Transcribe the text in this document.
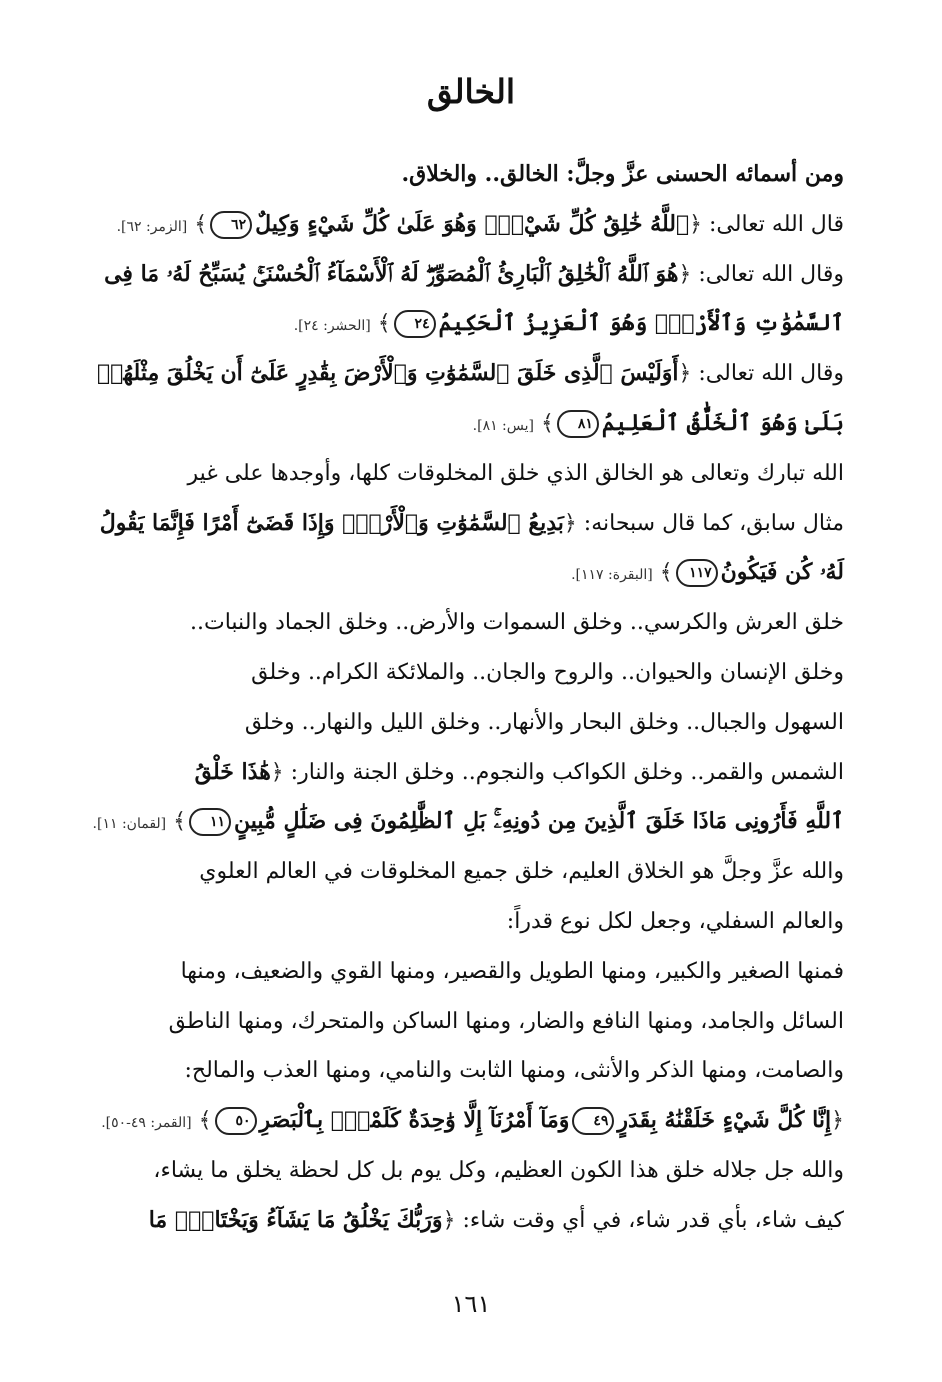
الخالق
ومن أسمائه الحسنى عزَّ وجلَّ: الخالق.. والخلاق.
قال الله تعالى: ﴿ٱللَّهُ خَٰلِقُ كُلِّ شَيْءٍۖ وَهُوَ عَلَىٰ كُلِّ شَيْءٍ وَكِيلٌ٦٢﴾ [الزمر: ٦٢].
وقال الله تعالى: ﴿هُوَ ٱللَّهُ ٱلْخَٰلِقُ ٱلْبَارِئُ ٱلْمُصَوِّرُۖ لَهُ ٱلْأَسْمَآءُ ٱلْحُسْنَىٰۚ يُسَبِّحُ لَهُۥ مَا فِى
ٱلسَّمَٰوَٰتِ وَٱلْأَرْضِۖ وَهُوَ ٱلْعَزِيزُ ٱلْحَكِيمُ٢٤﴾ [الحشر: ٢٤].
وقال الله تعالى: ﴿أَوَلَيْسَ ٱلَّذِى خَلَقَ ٱلسَّمَٰوَٰتِ وَٱلْأَرْضَ بِقَٰدِرٍ عَلَىٰٓ أَن يَخْلُقَ مِثْلَهُمۚ
بَلَىٰ وَهُوَ ٱلْخَلَّٰقُ ٱلْعَلِيمُ٨١﴾ [يس: ٨١].
الله تبارك وتعالى هو الخالق الذي خلق المخلوقات كلها، وأوجدها على غير
مثال سابق، كما قال سبحانه: ﴿بَدِيعُ ٱلسَّمَٰوَٰتِ وَٱلْأَرْضِۖ وَإِذَا قَضَىٰٓ أَمْرًا فَإِنَّمَا يَقُولُ
لَهُۥ كُن فَيَكُونُ١١٧﴾ [البقرة: ١١٧].
خلق العرش والكرسي.. وخلق السموات والأرض.. وخلق الجماد والنبات..
وخلق الإنسان والحيوان.. والروح والجان.. والملائكة الكرام.. وخلق
السهول والجبال.. وخلق البحار والأنهار.. وخلق الليل والنهار.. وخلق
الشمس والقمر.. وخلق الكواكب والنجوم.. وخلق الجنة والنار: ﴿هَٰذَا خَلْقُ
ٱللَّهِ فَأَرُونِى مَاذَا خَلَقَ ٱلَّذِينَ مِن دُونِهِۦۚ بَلِ ٱلظَّٰلِمُونَ فِى ضَلَٰلٍ مُّبِينٍ١١﴾ [لقمان: ١١].
والله عزَّ وجلَّ هو الخلاق العليم، خلق جميع المخلوقات في العالم العلوي
والعالم السفلي، وجعل لكل نوع قدراً:
فمنها الصغير والكبير، ومنها الطويل والقصير، ومنها القوي والضعيف، ومنها
السائل والجامد، ومنها النافع والضار، ومنها الساكن والمتحرك، ومنها الناطق
والصامت، ومنها الذكر والأنثى، ومنها الثابت والنامي، ومنها العذب والمالح:
﴿إِنَّا كُلَّ شَيْءٍ خَلَقْنَٰهُ بِقَدَرٍ٤٩وَمَآ أَمْرُنَآ إِلَّا وَٰحِدَةٌ كَلَمْحٍۭ بِٱلْبَصَرِ٥٠﴾ [القمر: ٤٩-٥٠].
والله جل جلاله خلق هذا الكون العظيم، وكل يوم بل كل لحظة يخلق ما يشاء،
كيف شاء، بأي قدر شاء، في أي وقت شاء: ﴿وَرَبُّكَ يَخْلُقُ مَا يَشَآءُ وَيَخْتَارُۗ مَا
١٦١
